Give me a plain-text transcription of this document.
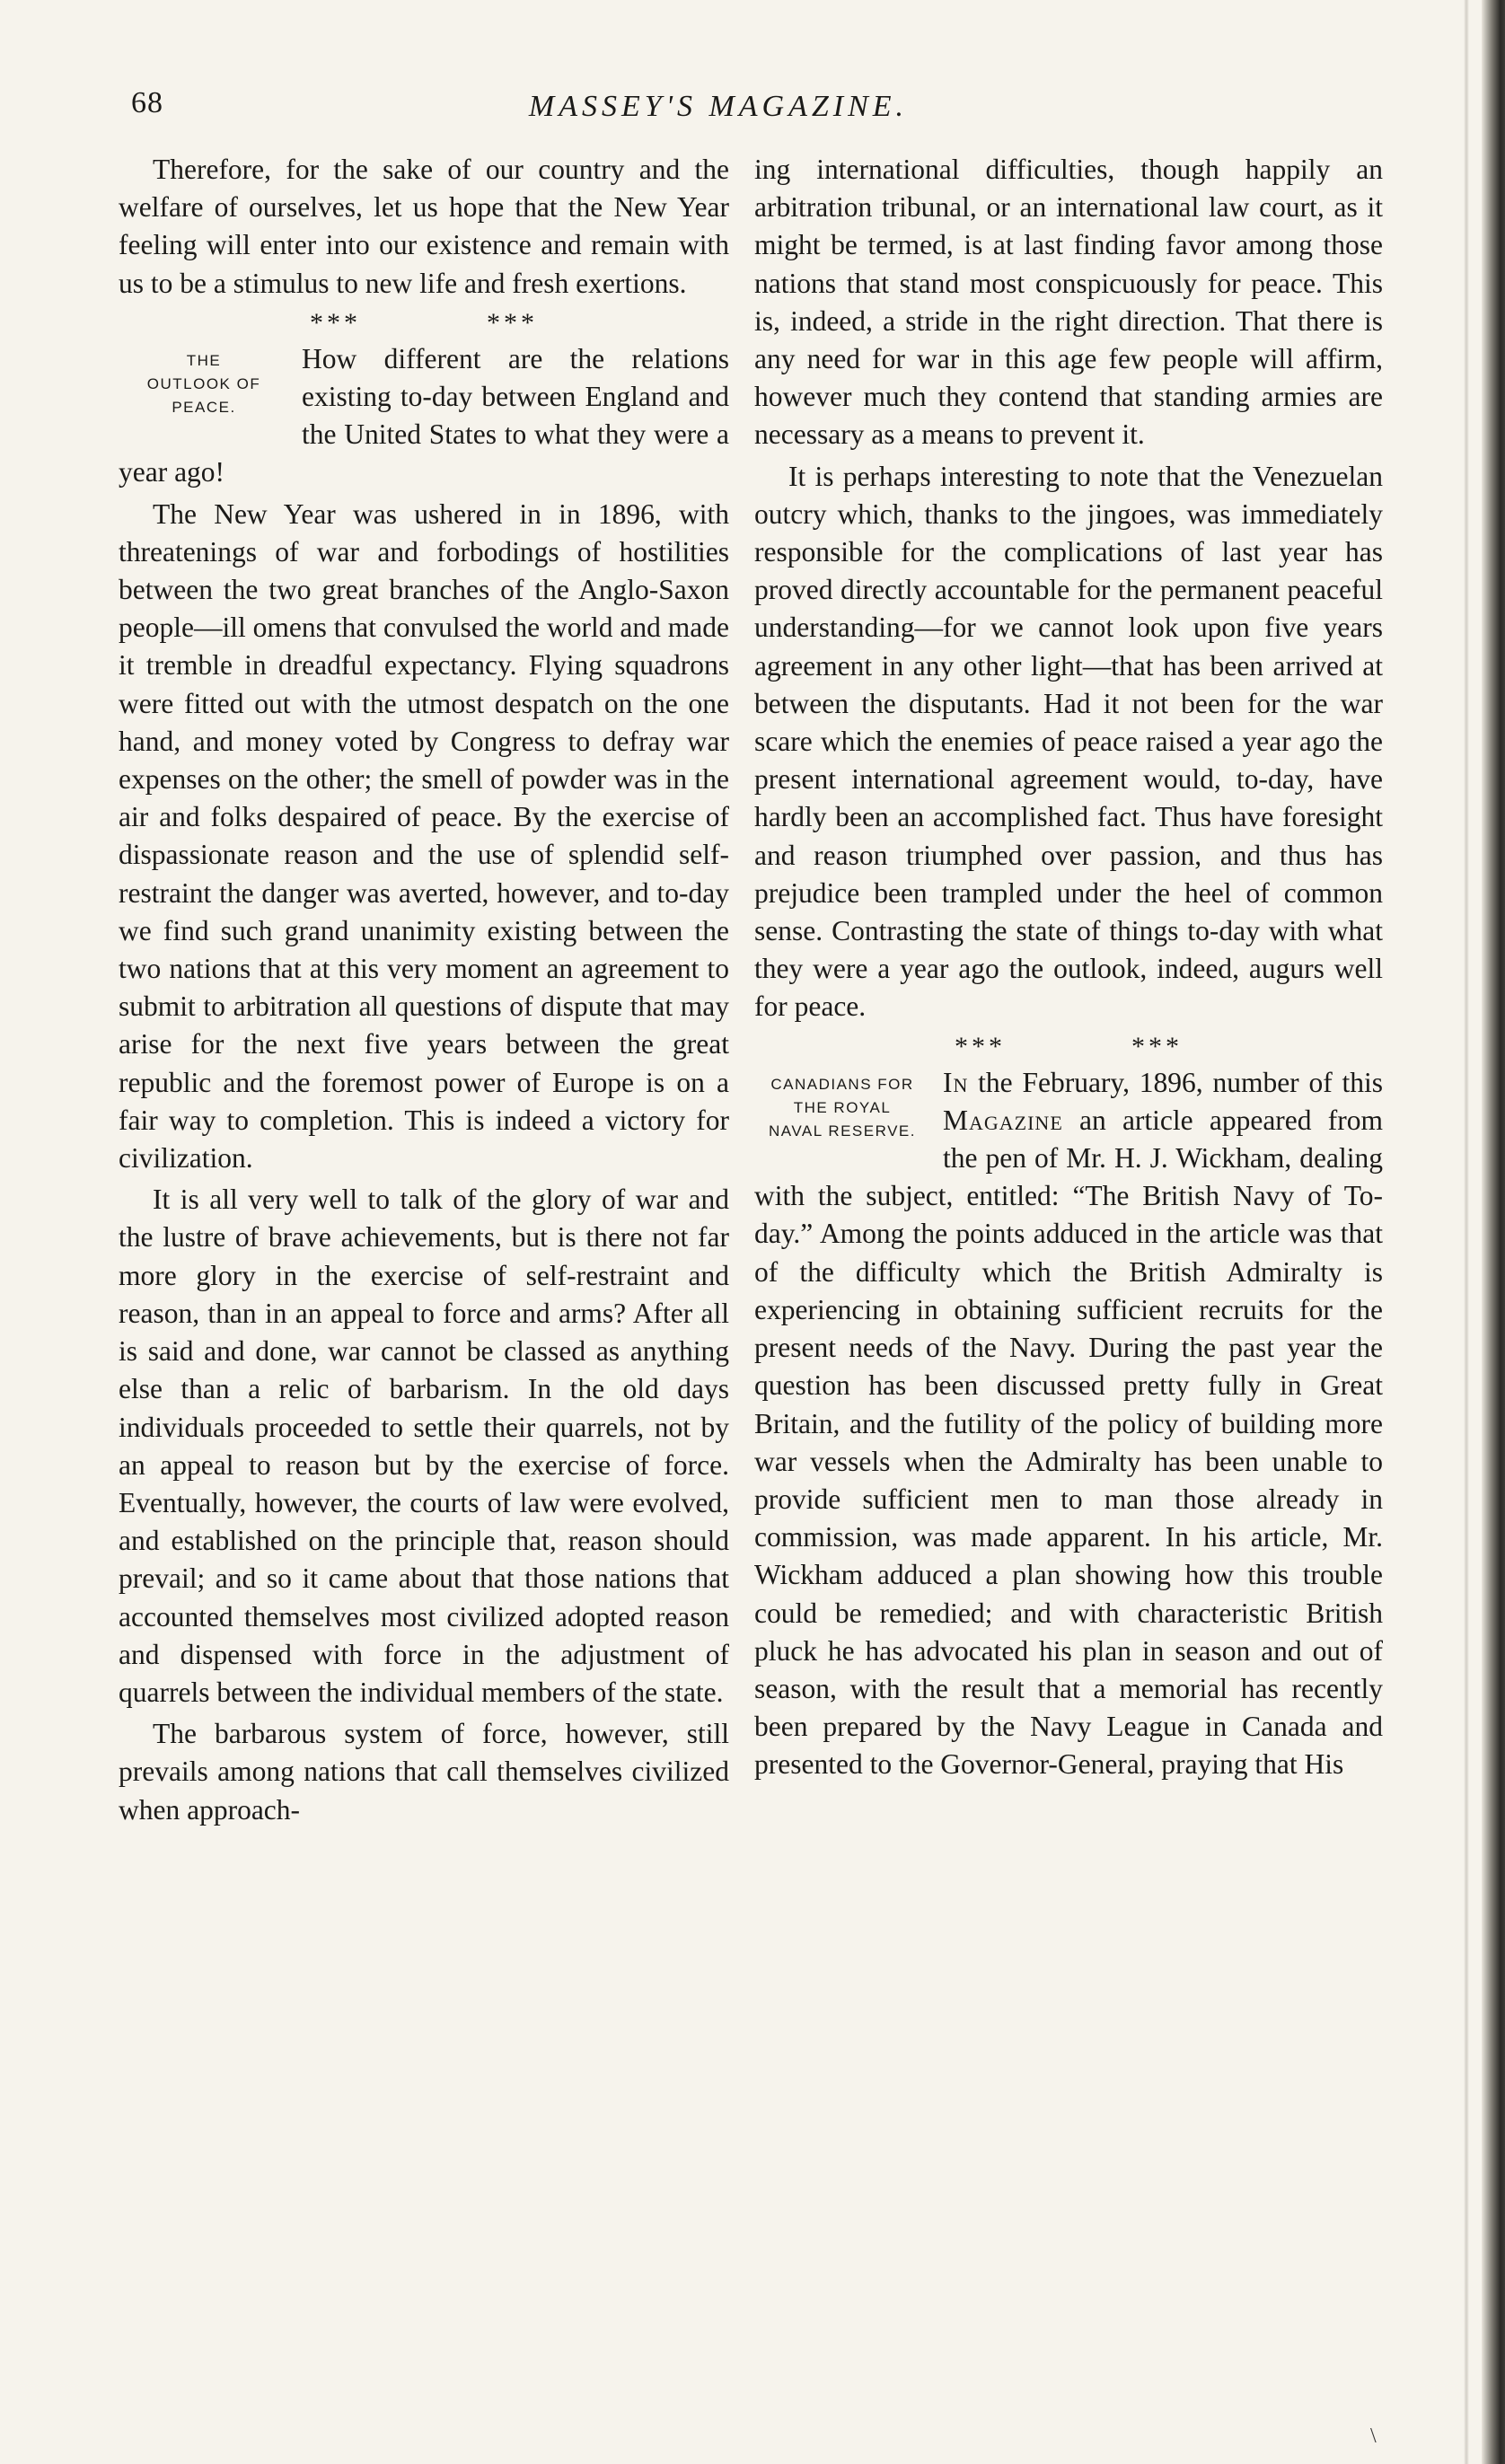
68	MASSEY'S MAGAZINE.

Therefore, for the sake of our country and the welfare of ourselves, let us hope that the New Year feeling will enter into our existence and remain with us to be a stimulus to new life and fresh exertions.

***	***
THE
OUTLOOK OF
PEACE.

How different are the relations existing to-day between England and the United States to what they were a year ago!

The New Year was ushered in in 1896, with threatenings of war and forbodings of hostilities between the two great branches of the Anglo-Saxon people—ill omens that convulsed the world and made it tremble in dreadful expectancy. Flying squadrons were fitted out with the utmost despatch on the one hand, and money voted by Congress to defray war expenses on the other; the smell of powder was in the air and folks despaired of peace. By the exercise of dispassionate reason and the use of splendid self-restraint the danger was averted, however, and to-day we find such grand unanimity existing between the two nations that at this very moment an agreement to submit to arbitration all questions of dispute that may arise for the next five years between the great republic and the foremost power of Europe is on a fair way to completion. This is indeed a victory for civilization.

It is all very well to talk of the glory of war and the lustre of brave achievements, but is there not far more glory in the exercise of self-restraint and reason, than in an appeal to force and arms? After all is said and done, war cannot be classed as anything else than a relic of barbarism. In the old days individuals proceeded to settle their quarrels, not by an appeal to reason but by the exercise of force. Eventually, however, the courts of law were evolved, and established on the principle that, reason should prevail; and so it came about that those nations that accounted themselves most civilized adopted reason and dispensed with force in the adjustment of quarrels between the individual members of the state.

The barbarous system of force, however, still prevails among nations that call themselves civilized when approach-

ing international difficulties, though happily an arbitration tribunal, or an international law court, as it might be termed, is at last finding favor among those nations that stand most conspicuously for peace. This is, indeed, a stride in the right direction. That there is any need for war in this age few people will affirm, however much they contend that standing armies are necessary as a means to prevent it.

It is perhaps interesting to note that the Venezuelan outcry which, thanks to the jingoes, was immediately responsible for the complications of last year has proved directly accountable for the permanent peaceful understanding—for we cannot look upon five years agreement in any other light—that has been arrived at between the disputants. Had it not been for the war scare which the enemies of peace raised a year ago the present international agreement would, to-day, have hardly been an accomplished fact. Thus have foresight and reason triumphed over passion, and thus has prejudice been trampled under the heel of common sense. Contrasting the state of things to-day with what they were a year ago the outlook, indeed, augurs well for peace.

***	***
CANADIANS FOR
THE ROYAL
NAVAL RESERVE.

In the February, 1896, number of this Magazine an article appeared from the pen of Mr. H. J. Wickham, dealing with the subject, entitled: “The British Navy of To-day.” Among the points adduced in the article was that of the difficulty which the British Admiralty is experiencing in obtaining sufficient recruits for the present needs of the Navy. During the past year the question has been discussed pretty fully in Great Britain, and the futility of the policy of building more war vessels when the Admiralty has been unable to provide sufficient men to man those already in commission, was made apparent. In his article, Mr. Wickham adduced a plan showing how this trouble could be remedied; and with characteristic British pluck he has advocated his plan in season and out of season, with the result that a memorial has recently been prepared by the Navy League in Canada and presented to the Governor-General, praying that His

\
